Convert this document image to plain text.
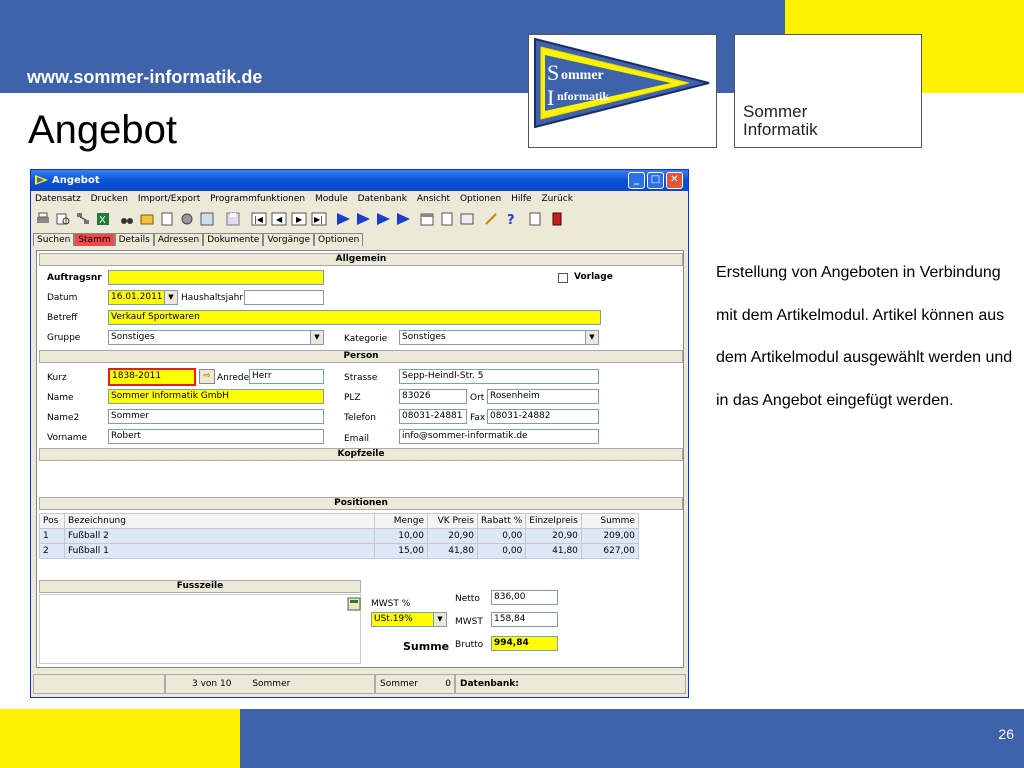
www.sommer-informatik.de
Angebot
S ommer
I nformatik
Sommer
Informatik
Erstellung von Angeboten in Verbindung mit dem Artikelmodul. Artikel können aus dem Artikelmodul ausgewählt werden und in das Angebot eingefügt werden.
26
Angebot	_	□	✕
Datensatz Drucken Import/Export Programmfunktionen Module Datenbank Ansicht Optionen Hilfe Zurück
X	|◀ ◀ ▶ ▶|	?
Suchen Stamm Details Adressen Dokumente Vorgänge Optionen
Allgemein
Auftragsnr	Vorlage
Datum	16.01.2011 ▼ Haushaltsjahr
Betreff	Verkauf Sportwaren
Gruppe	Sonstiges	▼	Kategorie	Sonstiges	▼
Person
Kurz	1838-2011	⇨ Anrede Herr	Strasse	Sepp-Heindl-Str. 5
Name	Sommer Informatik GmbH	PLZ	83026	Ort Rosenheim
Name2	Sommer	Telefon	08031-24881 Fax 08031-24882
Vorname	Robert	Email	info@sommer-informatik.de
Kopfzeile
Positionen
Pos	Bezeichnung	Menge	VK Preis	Rabatt %	Einzelpreis	Summe
1	Fußball 2	10,00	20,90	0,00	20,90	209,00
2	Fußball 1	15,00	41,80	0,00	41,80	627,00
Fusszeile
MWST %
USt.19%	▼
Netto	836,00
MWST	158,84
Summe Brutto	994,84
3 von 10 Sommer	Sommer	0	Datenbank:
